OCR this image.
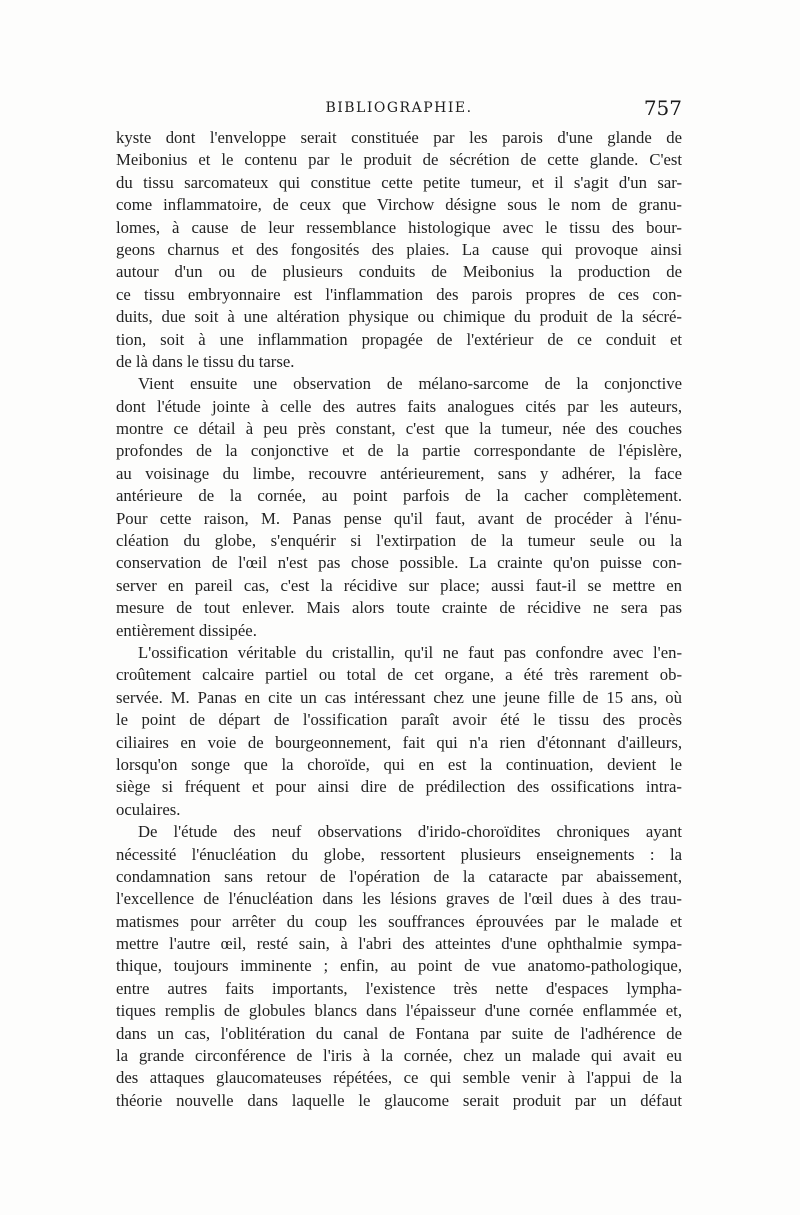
BIBLIOGRAPHIE.	757
kyste dont l'enveloppe serait constituée par les parois d'une glande de
Meibonius et le contenu par le produit de sécrétion de cette glande. C'est
du tissu sarcomateux qui constitue cette petite tumeur, et il s'agit d'un sar-
come inflammatoire, de ceux que Virchow désigne sous le nom de granu-
lomes, à cause de leur ressemblance histologique avec le tissu des bour-
geons charnus et des fongosités des plaies. La cause qui provoque ainsi
autour d'un ou de plusieurs conduits de Meibonius la production de
ce tissu embryonnaire est l'inflammation des parois propres de ces con-
duits, due soit à une altération physique ou chimique du produit de la sécré-
tion, soit à une inflammation propagée de l'extérieur de ce conduit et
de là dans le tissu du tarse.
Vient ensuite une observation de mélano-sarcome de la conjonctive
dont l'étude jointe à celle des autres faits analogues cités par les auteurs,
montre ce détail à peu près constant, c'est que la tumeur, née des couches
profondes de la conjonctive et de la partie correspondante de l'épislère,
au voisinage du limbe, recouvre antérieurement, sans y adhérer, la face
antérieure de la cornée, au point parfois de la cacher complètement.
Pour cette raison, M. Panas pense qu'il faut, avant de procéder à l'énu-
cléation du globe, s'enquérir si l'extirpation de la tumeur seule ou la
conservation de l'œil n'est pas chose possible. La crainte qu'on puisse con-
server en pareil cas, c'est la récidive sur place; aussi faut-il se mettre en
mesure de tout enlever. Mais alors toute crainte de récidive ne sera pas
entièrement dissipée.
L'ossification véritable du cristallin, qu'il ne faut pas confondre avec l'en-
croûtement calcaire partiel ou total de cet organe, a été très rarement ob-
servée. M. Panas en cite un cas intéressant chez une jeune fille de 15 ans, où
le point de départ de l'ossification paraît avoir été le tissu des procès
ciliaires en voie de bourgeonnement, fait qui n'a rien d'étonnant d'ailleurs,
lorsqu'on songe que la choroïde, qui en est la continuation, devient le
siège si fréquent et pour ainsi dire de prédilection des ossifications intra-
oculaires.
De l'étude des neuf observations d'irido-choroïdites chroniques ayant
nécessité l'énucléation du globe, ressortent plusieurs enseignements : la
condamnation sans retour de l'opération de la cataracte par abaissement,
l'excellence de l'énucléation dans les lésions graves de l'œil dues à des trau-
matismes pour arrêter du coup les souffrances éprouvées par le malade et
mettre l'autre œil, resté sain, à l'abri des atteintes d'une ophthalmie sympa-
thique, toujours imminente ; enfin, au point de vue anatomo-pathologique,
entre autres faits importants, l'existence très nette d'espaces lympha-
tiques remplis de globules blancs dans l'épaisseur d'une cornée enflammée et,
dans un cas, l'oblitération du canal de Fontana par suite de l'adhérence de
la grande circonférence de l'iris à la cornée, chez un malade qui avait eu
des attaques glaucomateuses répétées, ce qui semble venir à l'appui de la
théorie nouvelle dans laquelle le glaucome serait produit par un défaut
